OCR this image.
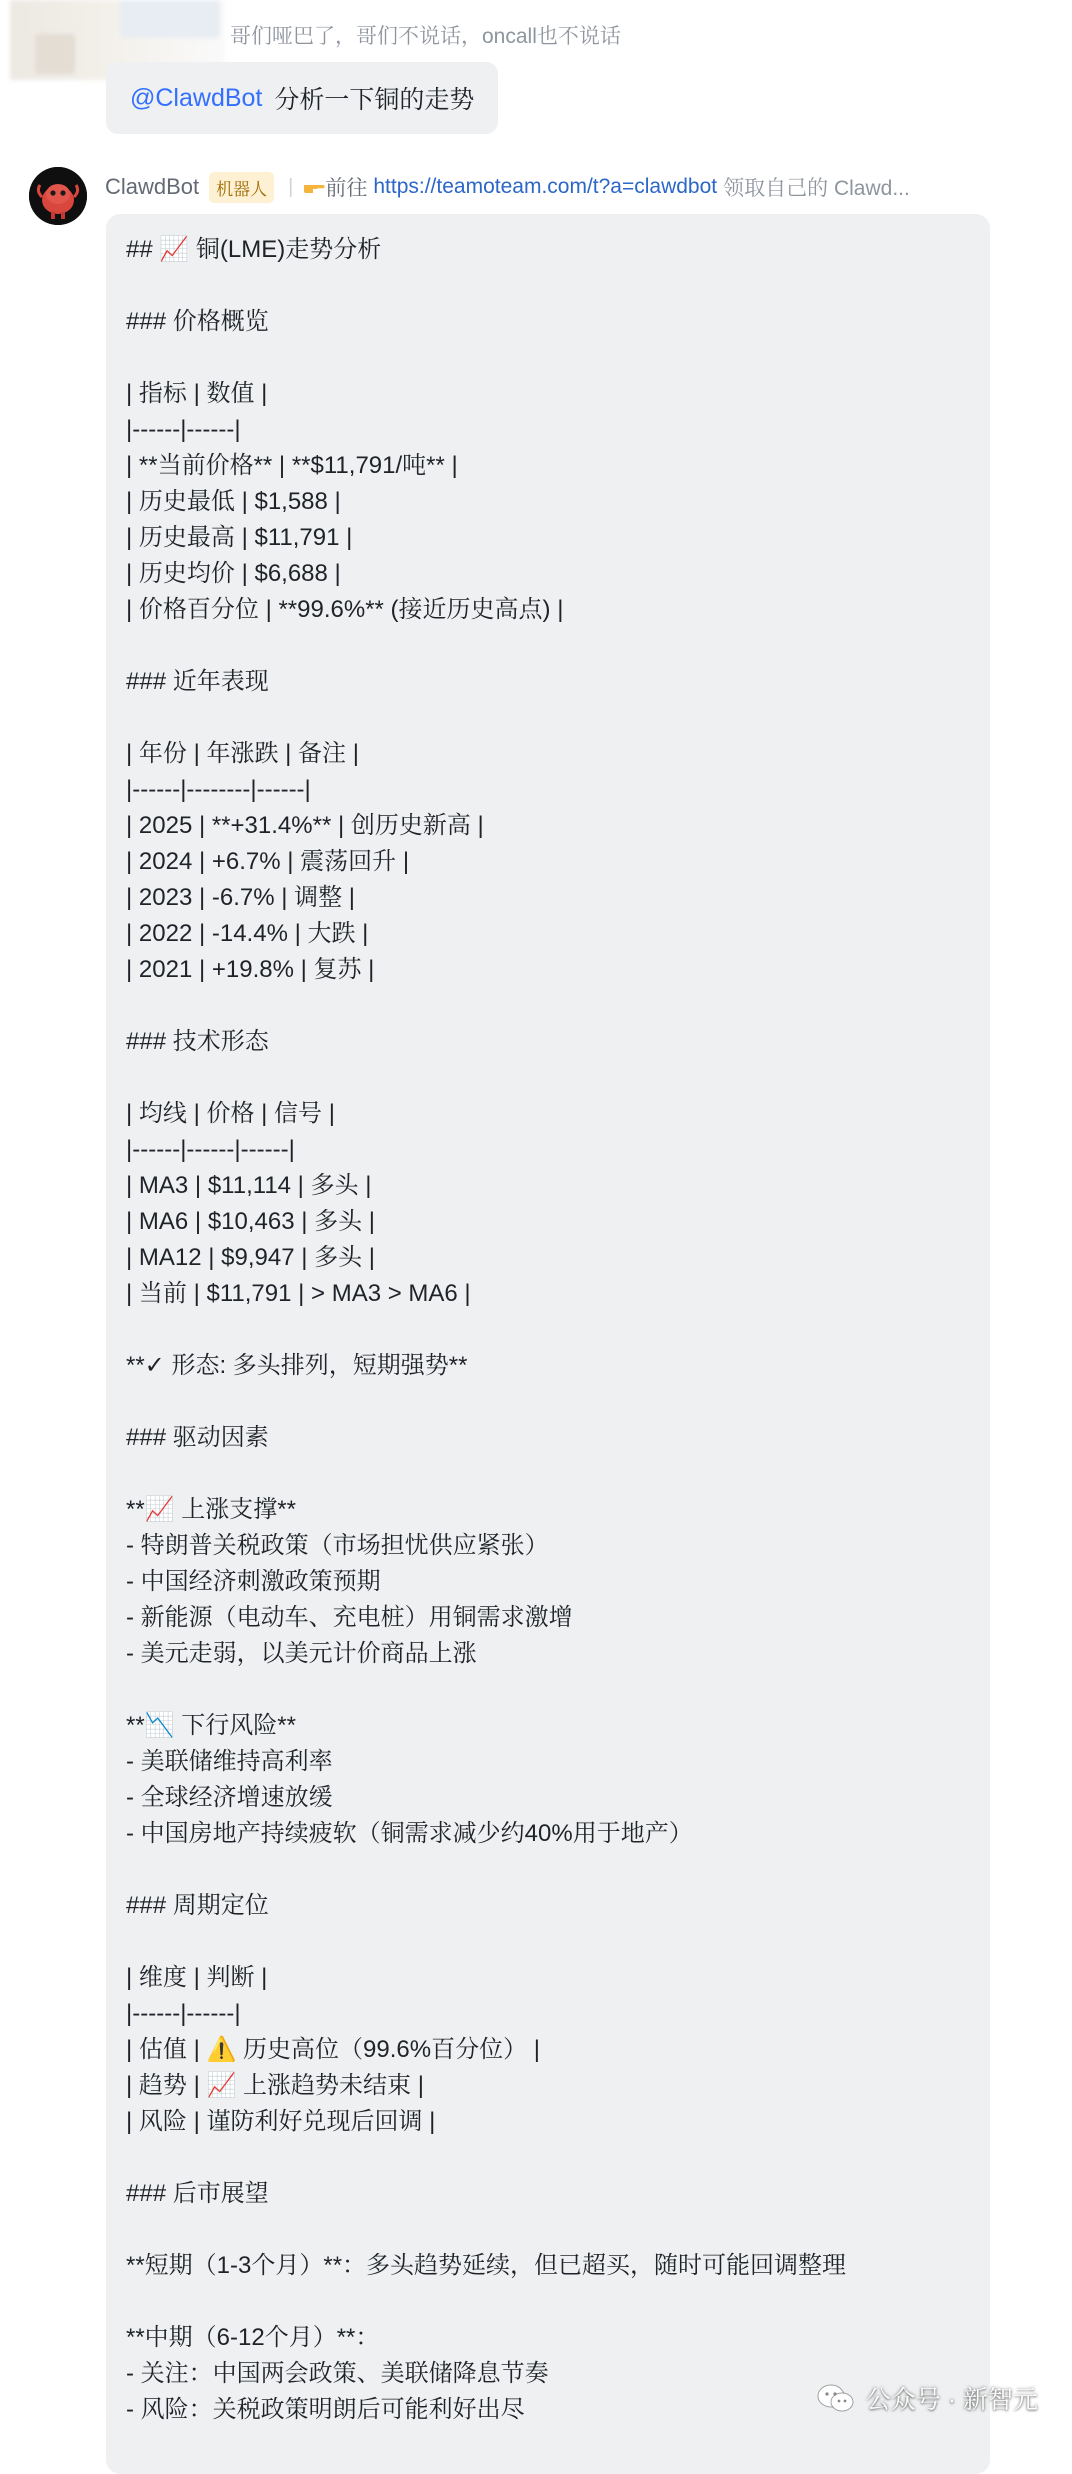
哥们哑巴了，哥们不说话，oncall也不说话
@ClawdBot 分析一下铜的走势
ClawdBot	机器人	| 前往 https://teamoteam.com/t?a=clawdbot 领取自己的 Clawd...
## 📈 铜(LME)走势分析
### 价格概览
| 指标 | 数值 |
|------|------|
| **当前价格** | **$11,791/吨** |
| 历史最低 | $1,588 |
| 历史最高 | $11,791 |
| 历史均价 | $6,688 |
| 价格百分位 | **99.6%** (接近历史高点) |
### 近年表现
| 年份 | 年涨跌 | 备注 |
|------|--------|------|
| 2025 | **+31.4%** | 创历史新高 |
| 2024 | +6.7% | 震荡回升 |
| 2023 | -6.7% | 调整 |
| 2022 | -14.4% | 大跌 |
| 2021 | +19.8% | 复苏 |
### 技术形态
| 均线 | 价格 | 信号 |
|------|------|------|
| MA3 | $11,114 | 多头 |
| MA6 | $10,463 | 多头 |
| MA12 | $9,947 | 多头 |
| 当前 | $11,791 | > MA3 > MA6 |
**✓ 形态: 多头排列，短期强势**
### 驱动因素
**📈 上涨支撑**
- 特朗普关税政策（市场担忧供应紧张）
- 中国经济刺激政策预期
- 新能源（电动车、充电桩）用铜需求激增
- 美元走弱，以美元计价商品上涨
**📉 下行风险**
- 美联储维持高利率
- 全球经济增速放缓
- 中国房地产持续疲软（铜需求减少约40%用于地产）
### 周期定位
| 维度 | 判断 |
|------|------|
| 估值 | ⚠️ 历史高位（99.6%百分位） |
| 趋势 | 📈 上涨趋势未结束 |
| 风险 | 谨防利好兑现后回调 |
### 后市展望
**短期（1-3个月）**：多头趋势延续，但已超买，随时可能回调整理
**中期（6-12个月）**：
- 关注：中国两会政策、美联储降息节奏
- 风险：关税政策明朗后可能利好出尽	公众号 · 新智元
